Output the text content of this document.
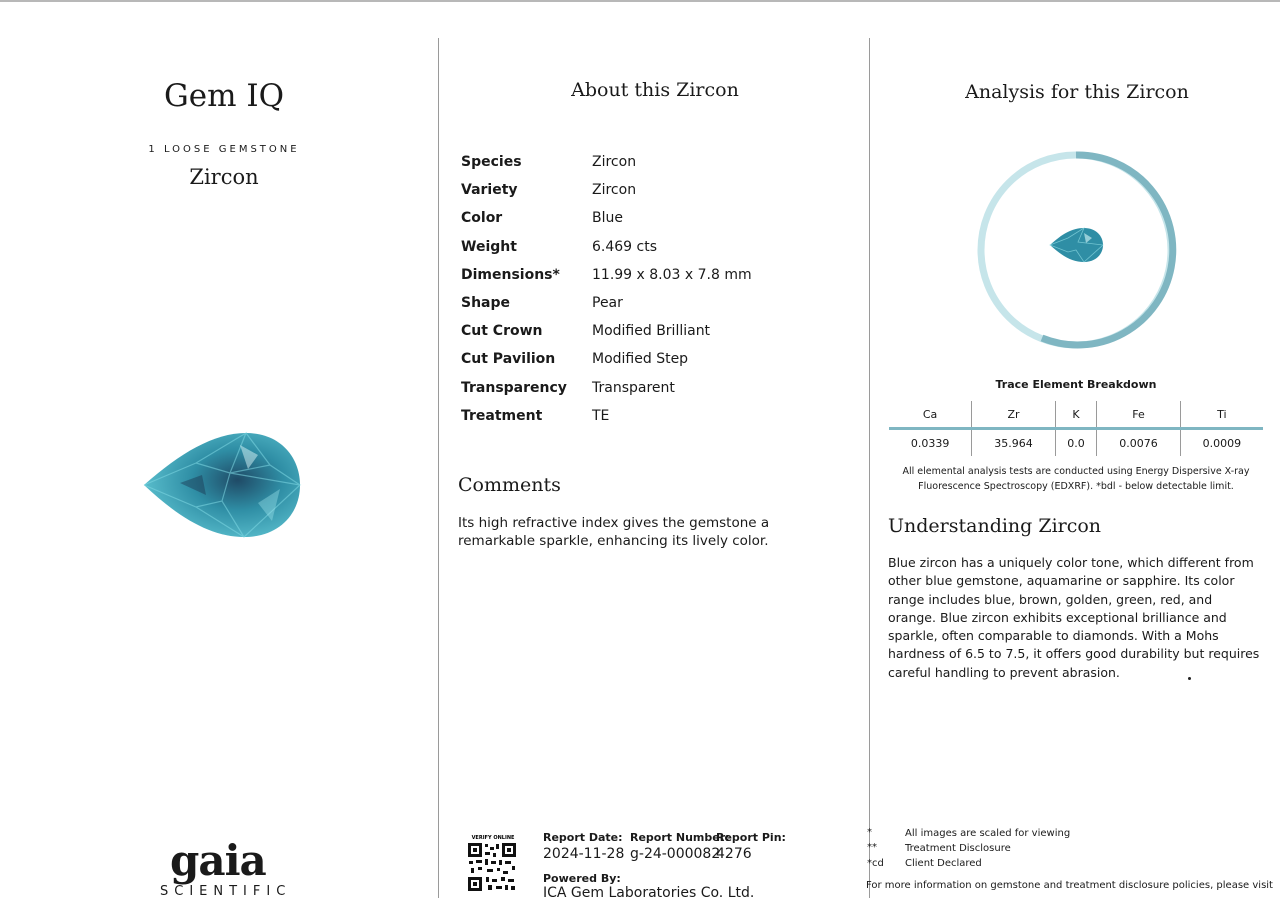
Gem IQ
1 LOOSE GEMSTONE
Zircon
gaia
SCIENTIFIC
About this Zircon
Species	Zircon
Variety	Zircon
Color	Blue
Weight	6.469 cts
Dimensions*	11.99 x 8.03 x 7.8 mm
Shape	Pear
Cut Crown	Modified Brilliant
Cut Pavilion	Modified Step
Transparency	Transparent
Treatment	TE
Comments
Its high refractive index gives the gemstone a remarkable sparkle, enhancing its lively color.
VERIFY ONLINE	Report Date:
2024-11-28
Report Number:
g-24-000082
Report Pin:
4276
Powered By:
ICA Gem Laboratories Co. Ltd.
Analysis for this Zircon
Trace Element Breakdown
Ca	Zr	K	Fe	Ti
0.0339	35.964	0.0	0.0076	0.0009
All elemental analysis tests are conducted using Energy Dispersive X-ray
Fluorescence Spectroscopy (EDXRF). *bdl - below detectable limit.
Understanding Zircon
Blue zircon has a uniquely color tone, which different from other blue gemstone, aquamarine or sapphire. Its color range includes blue, brown, golden, green, red, and orange. Blue zircon exhibits exceptional brilliance and sparkle, often comparable to diamonds. With a Mohs hardness of 6.5 to 7.5, it offers good durability but requires careful handling to prevent abrasion.
*	All images are scaled for viewing
**	Treatment Disclosure
*cd Client Declared
For more information on gemstone and treatment disclosure policies, please visit
